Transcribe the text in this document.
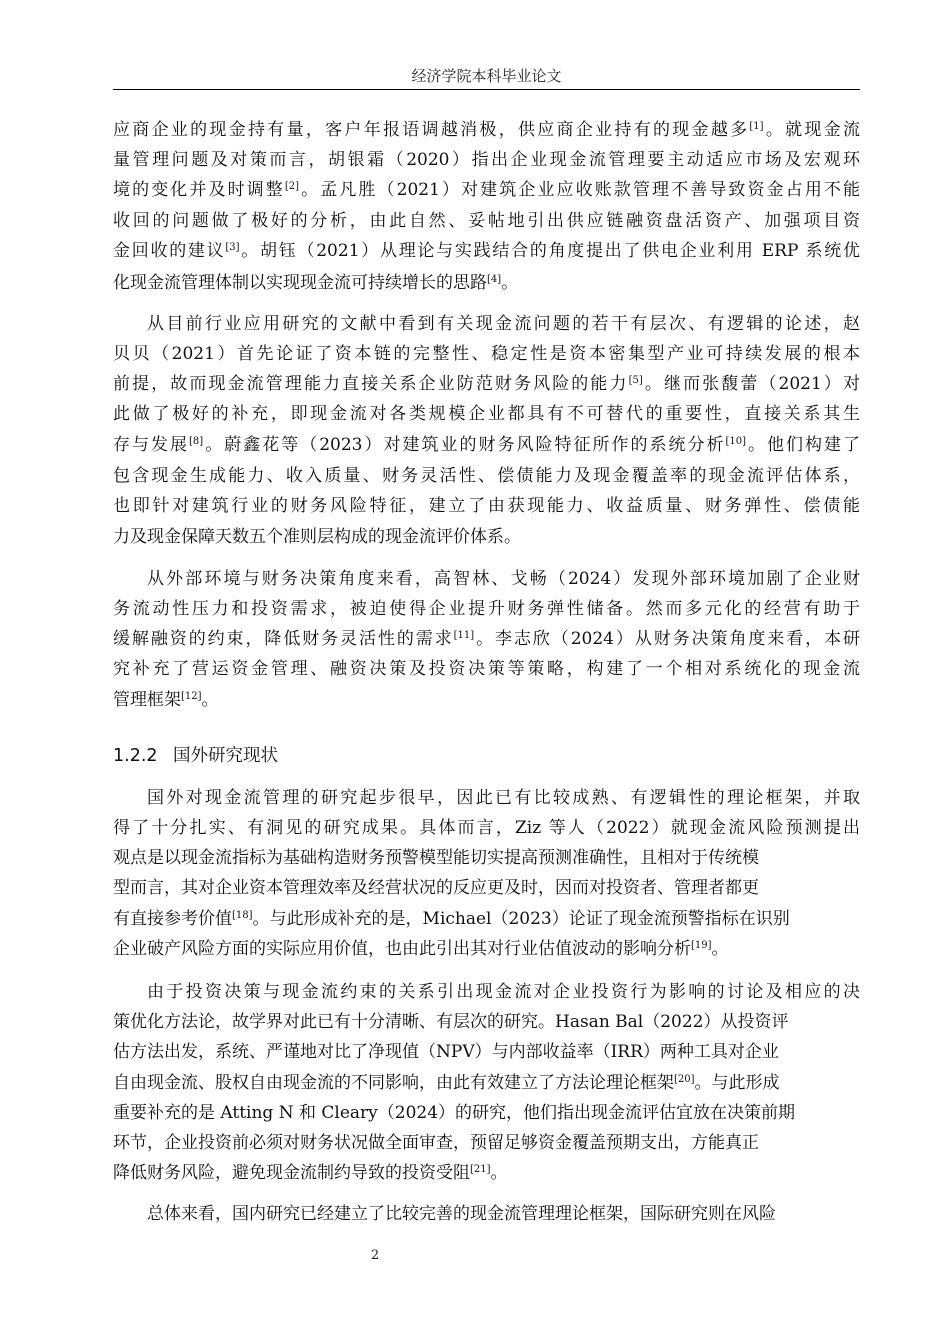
经济学院本科毕业论文
应商企业的现金持有量，客户年报语调越消极，供应商企业持有的现金越多[1]。就现金流
量管理问题及对策而言，胡银霜（2020）指出企业现金流管理要主动适应市场及宏观环
境的变化并及时调整[2]。孟凡胜（2021）对建筑企业应收账款管理不善导致资金占用不能
收回的问题做了极好的分析，由此自然、妥帖地引出供应链融资盘活资产、加强项目资
金回收的建议[3]。胡钰（2021）从理论与实践结合的角度提出了供电企业利用 ERP 系统优
化现金流管理体制以实现现金流可持续增长的思路[4]。
从目前行业应用研究的文献中看到有关现金流问题的若干有层次、有逻辑的论述，赵
贝贝（2021）首先论证了资本链的完整性、稳定性是资本密集型产业可持续发展的根本
前提，故而现金流管理能力直接关系企业防范财务风险的能力[5]。继而张馥蕾（2021）对
此做了极好的补充，即现金流对各类规模企业都具有不可替代的重要性，直接关系其生
存与发展[8]。蔚鑫花等（2023）对建筑业的财务风险特征所作的系统分析[10]。他们构建了
包含现金生成能力、收入质量、财务灵活性、偿债能力及现金覆盖率的现金流评估体系，
也即针对建筑行业的财务风险特征，建立了由获现能力、收益质量、财务弹性、偿债能
力及现金保障天数五个准则层构成的现金流评价体系。
从外部环境与财务决策角度来看，高智林、戈畅（2024）发现外部环境加剧了企业财
务流动性压力和投资需求，被迫使得企业提升财务弹性储备。然而多元化的经营有助于
缓解融资的约束，降低财务灵活性的需求[11]。李志欣（2024）从财务决策角度来看，本研
究补充了营运资金管理、融资决策及投资决策等策略，构建了一个相对系统化的现金流
管理框架[12]。
国外对现金流管理的研究起步很早，因此已有比较成熟、有逻辑性的理论框架，并取
得了十分扎实、有洞见的研究成果。具体而言，Ziz 等人（2022）就现金流风险预测提出
观点是以现金流指标为基础构造财务预警模型能切实提高预测准确性，且相对于传统模
型而言，其对企业资本管理效率及经营状况的反应更及时，因而对投资者、管理者都更
有直接参考价值[18]。与此形成补充的是，Michael（2023）论证了现金流预警指标在识别
企业破产风险方面的实际应用价值，也由此引出其对行业估值波动的影响分析[19]。
由于投资决策与现金流约束的关系引出现金流对企业投资行为影响的讨论及相应的决
策优化方法论，故学界对此已有十分清晰、有层次的研究。Hasan Bal（2022）从投资评
估方法出发，系统、严谨地对比了净现值（NPV）与内部收益率（IRR）两种工具对企业
自由现金流、股权自由现金流的不同影响，由此有效建立了方法论理论框架[20]。与此形成
重要补充的是 Atting N 和 Cleary（2024）的研究，他们指出现金流评估宜放在决策前期
环节，企业投资前必须对财务状况做全面审查，预留足够资金覆盖预期支出，方能真正
降低财务风险，避免现金流制约导致的投资受阻[21]。
总体来看，国内研究已经建立了比较完善的现金流管理理论框架，国际研究则在风险
1.2.2 国外研究现状
2
